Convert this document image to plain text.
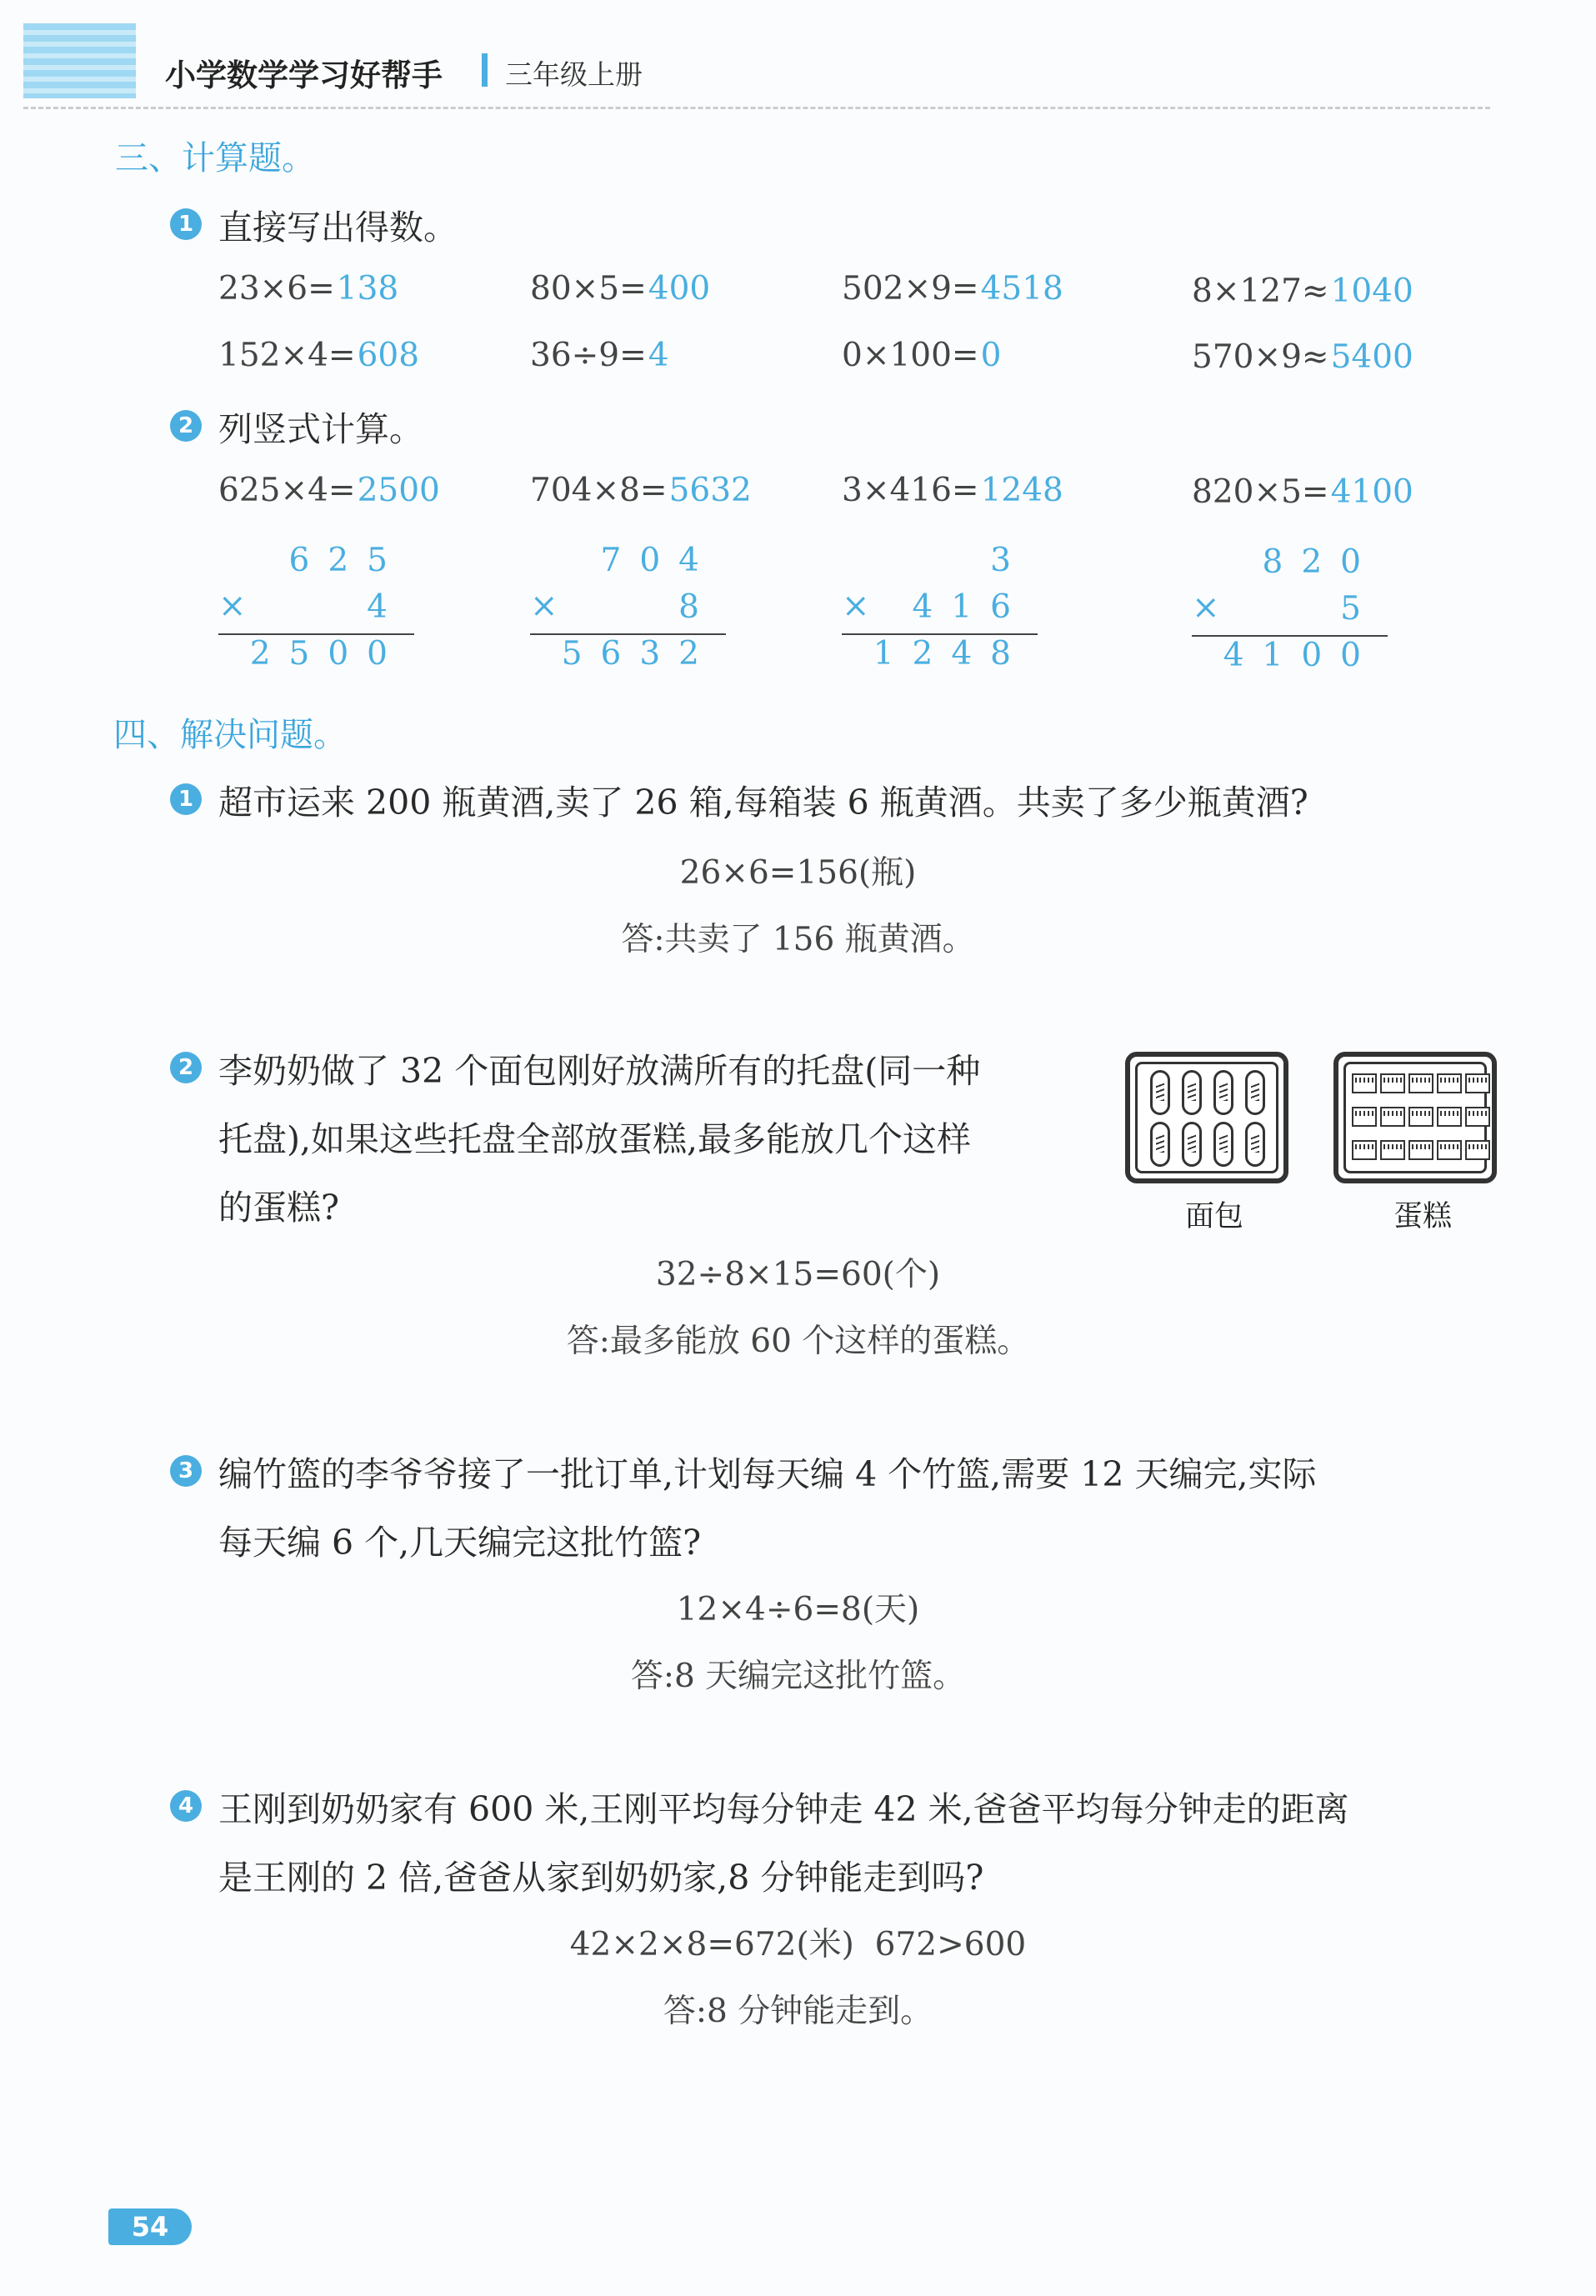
小学数学学习好帮手 三年级上册
三、计算题。
1 直接写出得数。
23×6=138	80×5=400	502×9=4518	8×127≈1040
152×4=608	36÷9=4	0×100=0	570×9≈5400
2 列竖式计算。
625×4=2500	704×8=5632	3×416=1248	820×5=4100
625
×	4
2500
704
×	8
5632
3
× 416
1248
820
×	5
4100
四、解决问题。
1 超市运来 200 瓶黄酒,卖了 26 箱,每箱装 6 瓶黄酒。共卖了多少瓶黄酒?
26×6=156(瓶)
答:共卖了 156 瓶黄酒。
2 李奶奶做了 32 个面包刚好放满所有的托盘(同一种
托盘),如果这些托盘全部放蛋糕,最多能放几个这样
的蛋糕?	面包	蛋糕
32÷8×15=60(个)
答:最多能放 60 个这样的蛋糕。
3 编竹篮的李爷爷接了一批订单,计划每天编 4 个竹篮,需要 12 天编完,实际
每天编 6 个,几天编完这批竹篮?
12×4÷6=8(天)
答:8 天编完这批竹篮。
4 王刚到奶奶家有 600 米,王刚平均每分钟走 42 米,爸爸平均每分钟走的距离
是王刚的 2 倍,爸爸从家到奶奶家,8 分钟能走到吗?
42×2×8=672(米)  672>600
答:8 分钟能走到。
54
